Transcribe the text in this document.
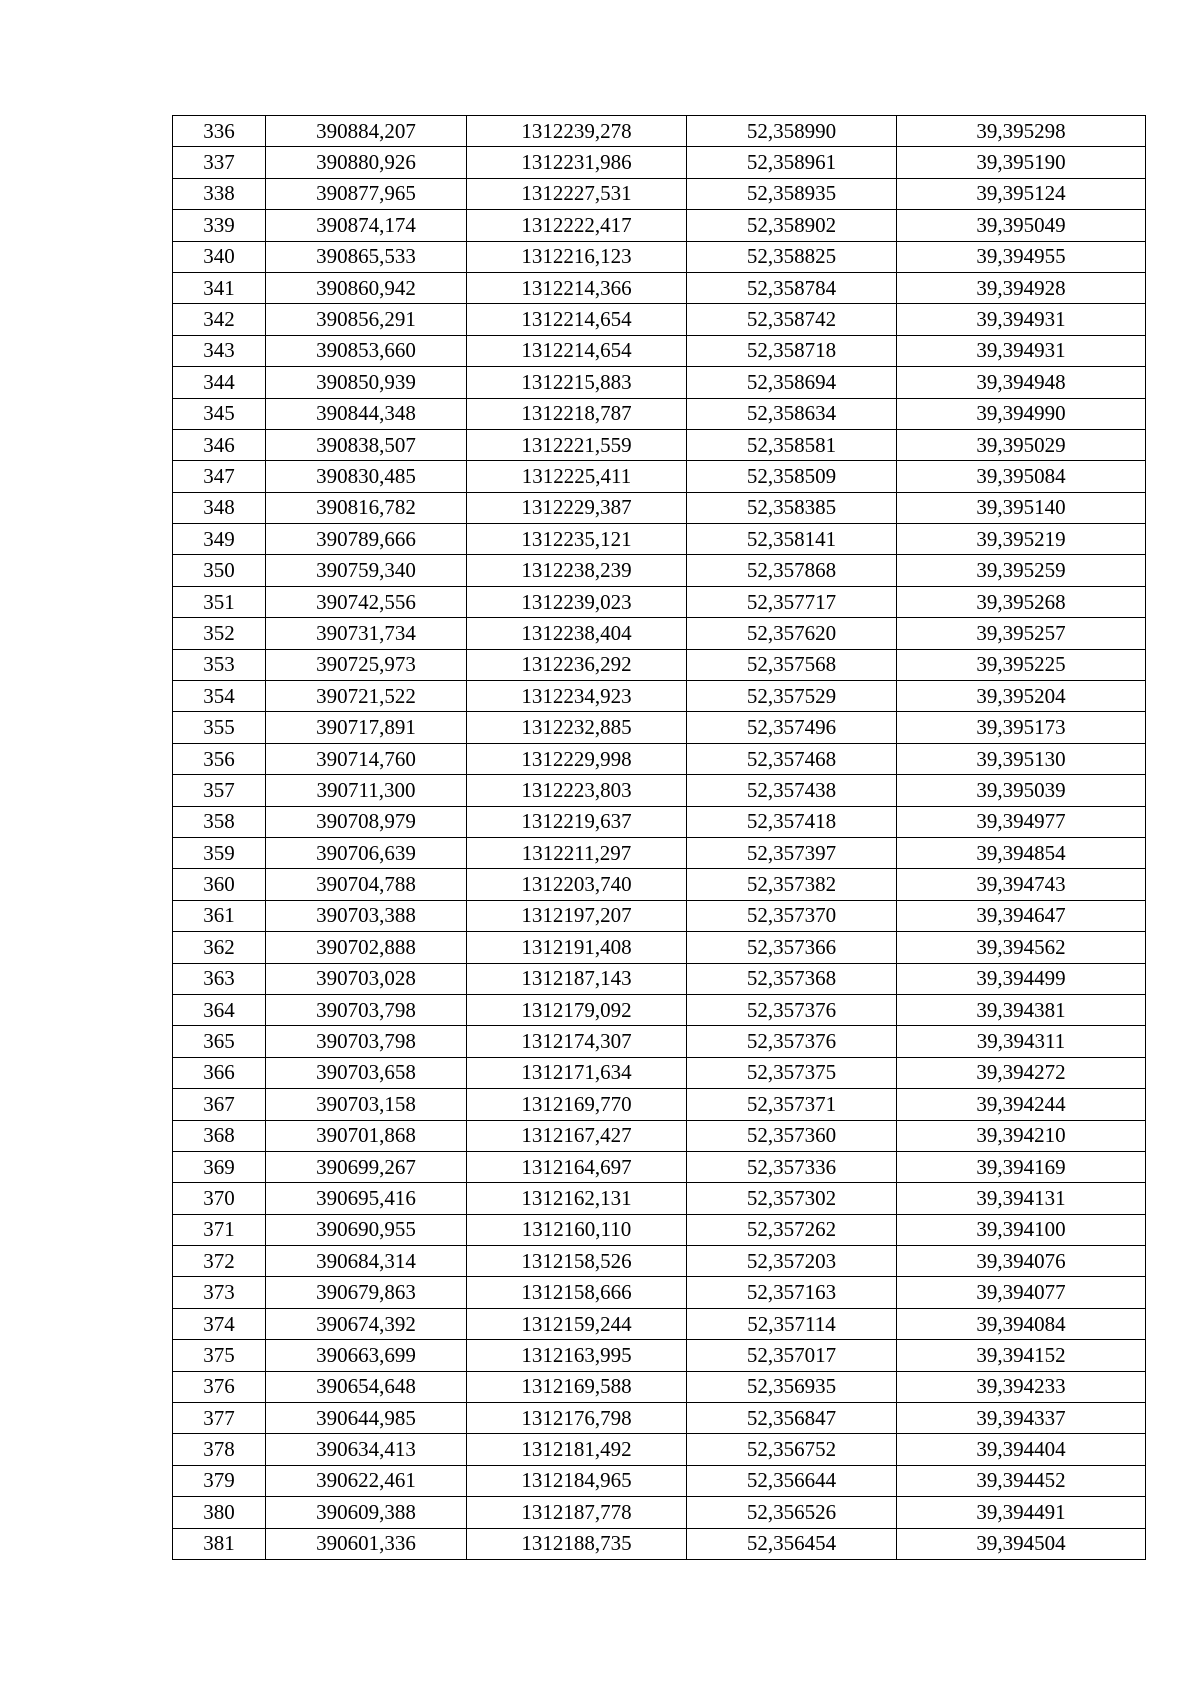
336	390884,207	1312239,278	52,358990	39,395298
337	390880,926	1312231,986	52,358961	39,395190
338	390877,965	1312227,531	52,358935	39,395124
339	390874,174	1312222,417	52,358902	39,395049
340	390865,533	1312216,123	52,358825	39,394955
341	390860,942	1312214,366	52,358784	39,394928
342	390856,291	1312214,654	52,358742	39,394931
343	390853,660	1312214,654	52,358718	39,394931
344	390850,939	1312215,883	52,358694	39,394948
345	390844,348	1312218,787	52,358634	39,394990
346	390838,507	1312221,559	52,358581	39,395029
347	390830,485	1312225,411	52,358509	39,395084
348	390816,782	1312229,387	52,358385	39,395140
349	390789,666	1312235,121	52,358141	39,395219
350	390759,340	1312238,239	52,357868	39,395259
351	390742,556	1312239,023	52,357717	39,395268
352	390731,734	1312238,404	52,357620	39,395257
353	390725,973	1312236,292	52,357568	39,395225
354	390721,522	1312234,923	52,357529	39,395204
355	390717,891	1312232,885	52,357496	39,395173
356	390714,760	1312229,998	52,357468	39,395130
357	390711,300	1312223,803	52,357438	39,395039
358	390708,979	1312219,637	52,357418	39,394977
359	390706,639	1312211,297	52,357397	39,394854
360	390704,788	1312203,740	52,357382	39,394743
361	390703,388	1312197,207	52,357370	39,394647
362	390702,888	1312191,408	52,357366	39,394562
363	390703,028	1312187,143	52,357368	39,394499
364	390703,798	1312179,092	52,357376	39,394381
365	390703,798	1312174,307	52,357376	39,394311
366	390703,658	1312171,634	52,357375	39,394272
367	390703,158	1312169,770	52,357371	39,394244
368	390701,868	1312167,427	52,357360	39,394210
369	390699,267	1312164,697	52,357336	39,394169
370	390695,416	1312162,131	52,357302	39,394131
371	390690,955	1312160,110	52,357262	39,394100
372	390684,314	1312158,526	52,357203	39,394076
373	390679,863	1312158,666	52,357163	39,394077
374	390674,392	1312159,244	52,357114	39,394084
375	390663,699	1312163,995	52,357017	39,394152
376	390654,648	1312169,588	52,356935	39,394233
377	390644,985	1312176,798	52,356847	39,394337
378	390634,413	1312181,492	52,356752	39,394404
379	390622,461	1312184,965	52,356644	39,394452
380	390609,388	1312187,778	52,356526	39,394491
381	390601,336	1312188,735	52,356454	39,394504
